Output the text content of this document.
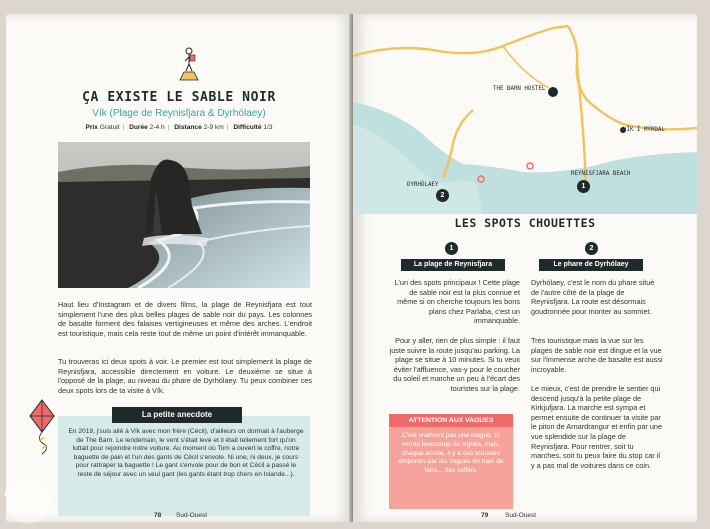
ÇA EXISTE LE SABLE NOIR
Vík (Plage de Reynisfjara & Dyrhólaey)
Prix Gratuit | Durée 2-4 h | Distance 2-9 km | Difficulté 1/3
Haut lieu d'Instagram et de divers films, la plage de Reynisfjara est tout simplement l'une des plus belles plages de sable noir du pays. Les colonnes de basalte forment des falaises vertigineuses et même des arches. L'endroit est touristique, mais cela reste tout de même un point d'intérêt immanquable.
Tu trouveras ici deux spots à voir. Le premier est tout simplement la plage de Reynisfjara, accessible directement en voiture. Le deuxième se situe à l'opposé de la plage, au niveau du phare de Dyrhólaey. Tu peux combiner ces deux spots lors de ta visite à Vík.
La petite anecdote
En 2019, j'suis allé à Vík avec mon frère (Cécil), d'ailleurs on dormait à l'auberge de The Barn. Le lendemain, le vent s'était levé et il était tellement fort qu'on luttait pour rejoindre notre voiture. Au moment où Tom a ouvert le coffre, notre baguette de pain et l'un des gants de Cécil s'envole. Ni une, ni deux, je cours pour rattraper la baguette ! Le gant s'envole pour de bon et Cécil a passé le reste de séjour avec un seul gant (les gants étant trop chers en Islande...).
78 Sud-Ouest
THE BARN HOSTEL
VÍK Í MÝRDAL
REYNISFJARA BEACH
DYRHÓLAEY	1
2
LES SPOTS CHOUETTES
1
La plage de Reynisfjara
2
Le phare de Dyrhólaey
L'un des spots principaux ! Cette plage de sable noir est la plus connue et même si on cherche toujours les bons plans chez Parlaba, c'est un immanquable.
Pour y aller, rien de plus simple : il faut juste suivre la route jusqu'au parking. La plage se situe à 10 minutes. Si tu veux éviter l'affluence, vas-y pour le coucher du soleil et marche un peu à l'écart des touristes sur la plage.
Dyrhólaey, c'est le nom du phare situé de l'autre côté de la plage de Reynisfjara. La route est désormais goudronnée pour monter au sommet.
Très touristique mais la vue sur les plages de sable noir est dingue et la vue sur l'immense arche de basalte est aussi incroyable.
Le mieux, c'est de prendre le sentier qui descend jusqu'à la petite plage de Kirkjufjara. La marche est sympa et permet ensuite de continuer ta visite par le piton de Arnardrangur et enfin par une vue splendide sur la plage de Reynisfjara. Pour rentrer, soit tu marches, soit tu peux faire du stop car il y a pas mal de voitures dans ce coin.
ATTENTION AUX VAGUES
C'est vraiment pas une blague, tu verras beaucoup de signes, mais, chaque année, il y a des touristes emportés par les vagues en train de faire... des selfies.
79	Sud-Ouest
Librairie
Voyage
